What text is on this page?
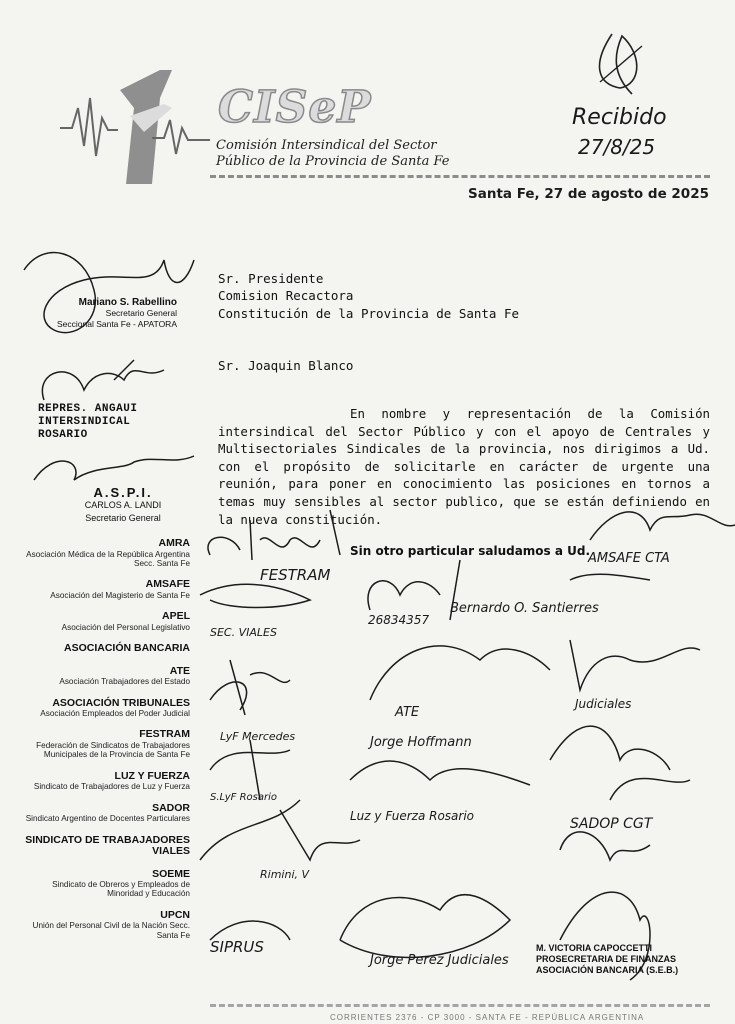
CISeP
Comisión Intersindical del Sector
Público de la Provincia de Santa Fe
Recibido
27/8/25
Santa Fe, 27 de agosto de 2025
Sr. Presidente
Comision Recactora
Constitución de la Provincia de Santa Fe
Sr. Joaquin Blanco
En nombre y representación de la Comisión intersindical del Sector Público y con el apoyo de Centrales y Multisectoriales Sindicales de la provincia, nos dirigimos a Ud. con el propósito de solicitarle en carácter de urgente una reunión, para poner en conocimiento las posiciones en tornos a temas muy sensibles al sector publico, que se están definiendo en la nueva constitución.
Sin otro particular saludamos a Ud.
Mariano S. Rabellino
Secretario General
Seccional Santa Fe - APATORA
REPRES. ANGAUI
INTERSINDICAL
ROSARIO
A.S.P.I.
CARLOS A. LANDI
Secretario General
AMRA
Asociación Médica de la República Argentina Secc. Santa Fe
AMSAFE
Asociación del Magisterio de Santa Fe
APEL
Asociación del Personal Legislativo
ASOCIACIÓN BANCARIA
ATE
Asociación Trabajadores del Estado
ASOCIACIÓN TRIBUNALES
Asociación Empleados del Poder Judicial
FESTRAM
Federación de Sindicatos de Trabajadores Municipales de la Provincia de Santa Fe
LUZ Y FUERZA
Sindicato de Trabajadores de Luz y Fuerza
SADOR
Sindicato Argentino de Docentes Particulares
SINDICATO DE TRABAJADORES VIALES
SOEME
Sindicato de Obreros y Empleados de Minoridad y Educación
UPCN
Unión del Personal Civil de la Nación Secc. Santa Fe
FESTRAM
AMSAFE CTA
SEC. VIALES
26834357
Bernardo O. Santierres
LyF Mercedes
ATE
Jorge Hoffmann
Judiciales
S.LyF Rosario
Luz y Fuerza Rosario	SADOP CGT
Rimini, V
SIPRUS
Jorge Perez Judiciales
M. VICTORIA CAPOCCETTI
PROSECRETARIA DE FINANZAS
ASOCIACIÓN BANCARIA (S.E.B.)
CORRIENTES 2376 - CP 3000 - SANTA FE - REPÚBLICA ARGENTINA
